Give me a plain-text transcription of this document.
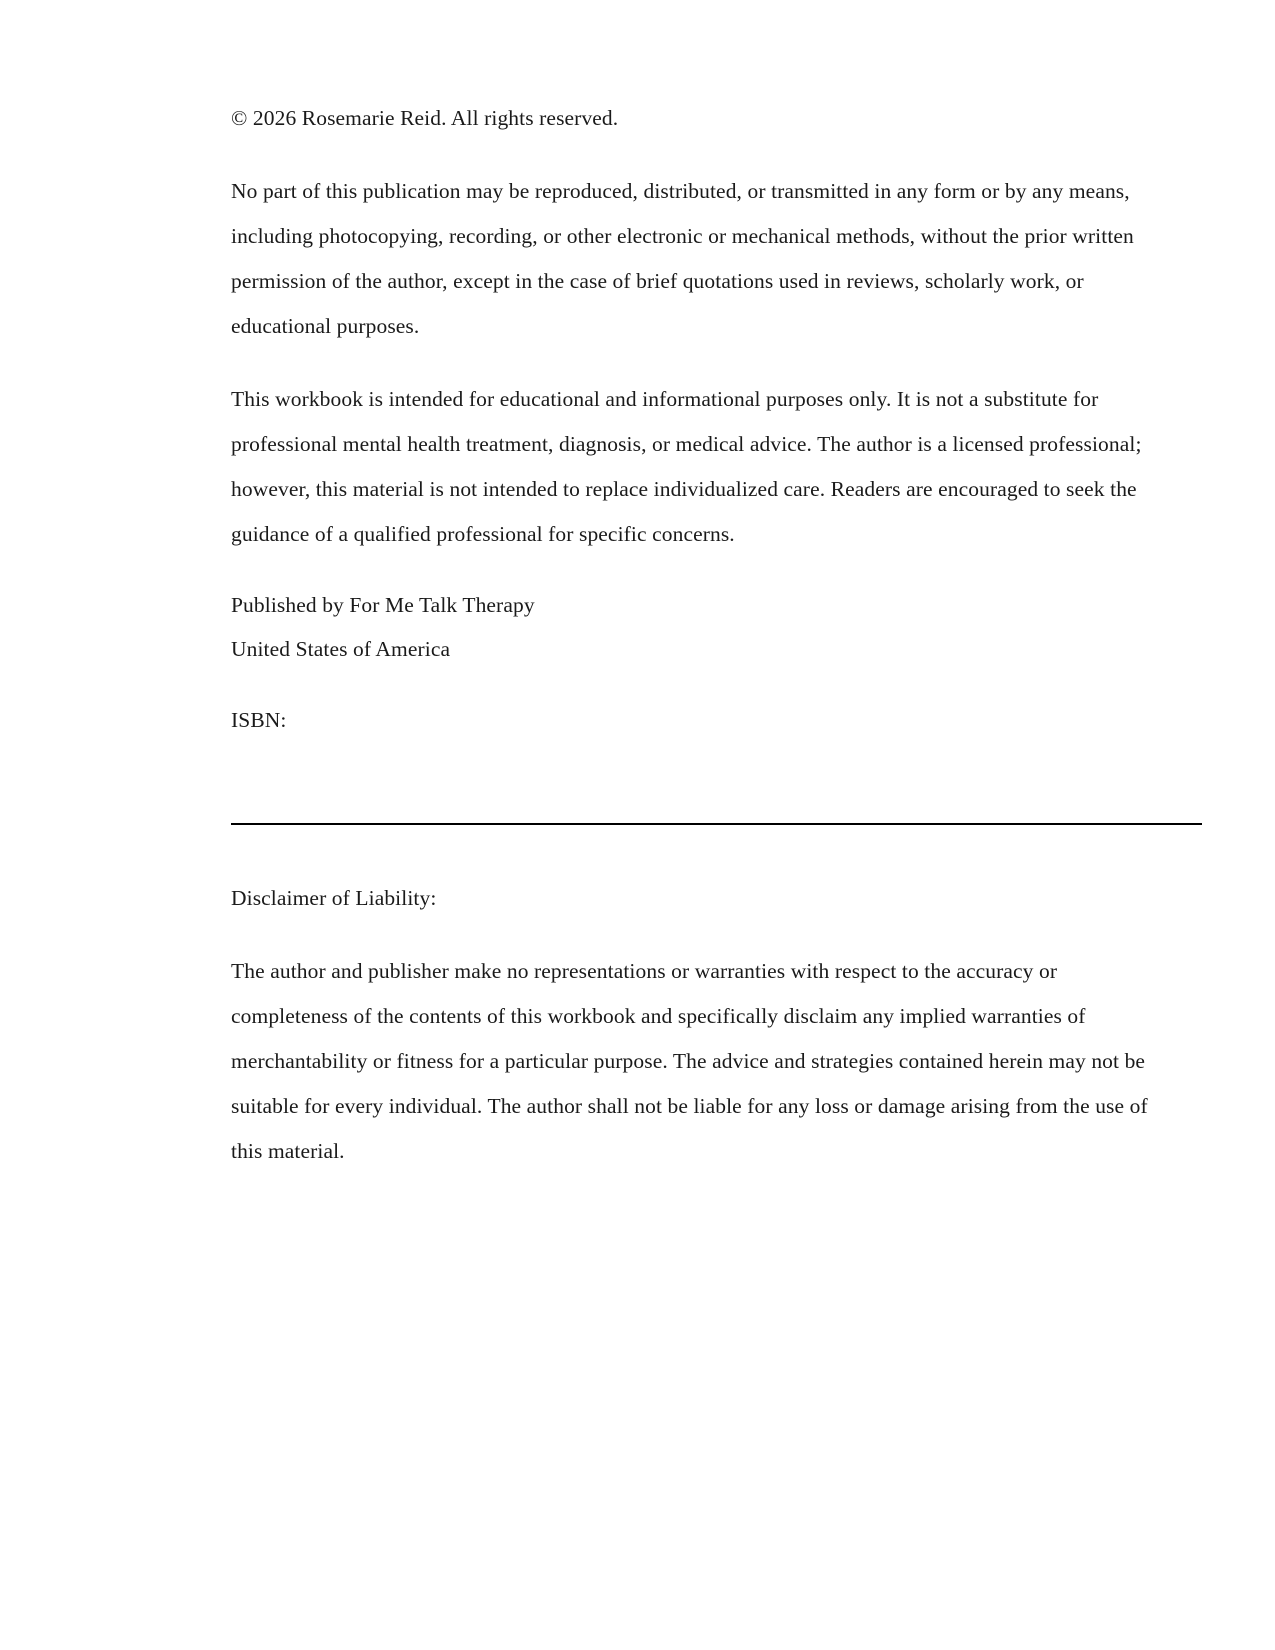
© 2026 Rosemarie Reid. All rights reserved.

No part of this publication may be reproduced, distributed, or transmitted in any form or by any means, including photocopying, recording, or other electronic or mechanical methods, without the prior written permission of the author, except in the case of brief quotations used in reviews, scholarly work, or educational purposes.

This workbook is intended for educational and informational purposes only. It is not a substitute for professional mental health treatment, diagnosis, or medical advice. The author is a licensed professional; however, this material is not intended to replace individualized care. Readers are encouraged to seek the guidance of a qualified professional for specific concerns.

Published by For Me Talk Therapy

United States of America

ISBN:

Disclaimer of Liability:

The author and publisher make no representations or warranties with respect to the accuracy or completeness of the contents of this workbook and specifically disclaim any implied warranties of merchantability or fitness for a particular purpose. The advice and strategies contained herein may not be suitable for every individual. The author shall not be liable for any loss or damage arising from the use of this material.
